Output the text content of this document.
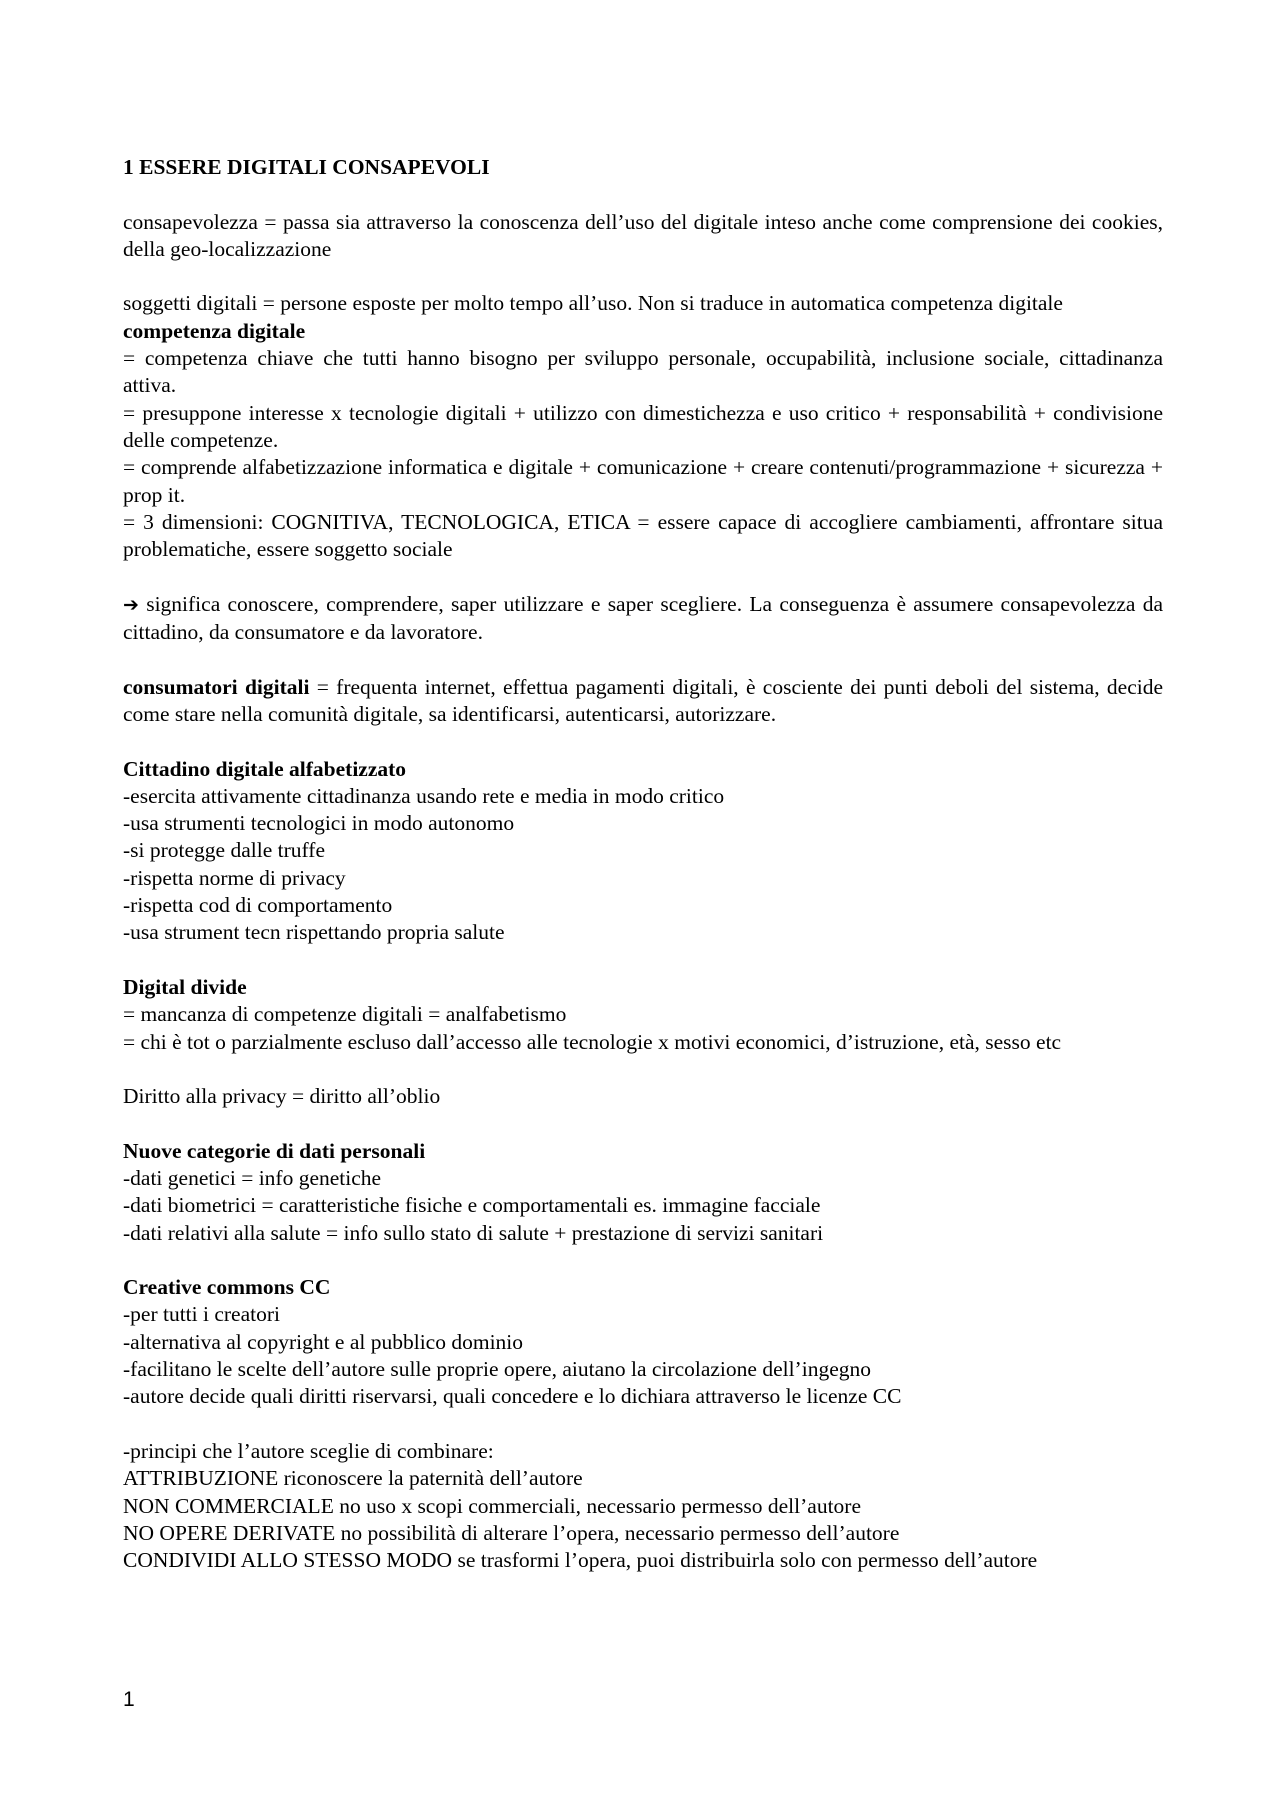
1 ESSERE DIGITALI CONSAPEVOLI

consapevolezza = passa sia attraverso la conoscenza dell’uso del digitale inteso anche come comprensione dei cookies, della geo-localizzazione

soggetti digitali = persone esposte per molto tempo all’uso. Non si traduce in automatica competenza digitale

competenza digitale

= competenza chiave che tutti hanno bisogno per sviluppo personale, occupabilità, inclusione sociale, cittadinanza attiva.

= presuppone interesse x tecnologie digitali + utilizzo con dimestichezza e uso critico + responsabilità + condivisione delle competenze.

= comprende alfabetizzazione informatica e digitale + comunicazione + creare contenuti/programmazione + sicurezza + prop it.

= 3 dimensioni: COGNITIVA, TECNOLOGICA, ETICA = essere capace di accogliere cambiamenti, affrontare situa problematiche, essere soggetto sociale

➔ significa conoscere, comprendere, saper utilizzare e saper scegliere. La conseguenza è assumere consapevolezza da cittadino, da consumatore e da lavoratore.

consumatori digitali = frequenta internet, effettua pagamenti digitali, è cosciente dei punti deboli del sistema, decide come stare nella comunità digitale, sa identificarsi, autenticarsi, autorizzare.

Cittadino digitale alfabetizzato

-esercita attivamente cittadinanza usando rete e media in modo critico

-usa strumenti tecnologici in modo autonomo

-si protegge dalle truffe

-rispetta norme di privacy

-rispetta cod di comportamento

-usa strument tecn rispettando propria salute

Digital divide

= mancanza di competenze digitali = analfabetismo

= chi è tot o parzialmente escluso dall’accesso alle tecnologie x motivi economici, d’istruzione, età, sesso etc

Diritto alla privacy = diritto all’oblio

Nuove categorie di dati personali

-dati genetici = info genetiche

-dati biometrici = caratteristiche fisiche e comportamentali es. immagine facciale

-dati relativi alla salute = info sullo stato di salute + prestazione di servizi sanitari

Creative commons CC

-per tutti i creatori

-alternativa al copyright e al pubblico dominio

-facilitano le scelte dell’autore sulle proprie opere, aiutano la circolazione dell’ingegno

-autore decide quali diritti riservarsi, quali concedere e lo dichiara attraverso le licenze CC

-principi che l’autore sceglie di combinare:

ATTRIBUZIONE riconoscere la paternità dell’autore

NON COMMERCIALE no uso x scopi commerciali, necessario permesso dell’autore

NO OPERE DERIVATE no possibilità di alterare l’opera, necessario permesso dell’autore

CONDIVIDI ALLO STESSO MODO se trasformi l’opera, puoi distribuirla solo con permesso dell’autore

1
